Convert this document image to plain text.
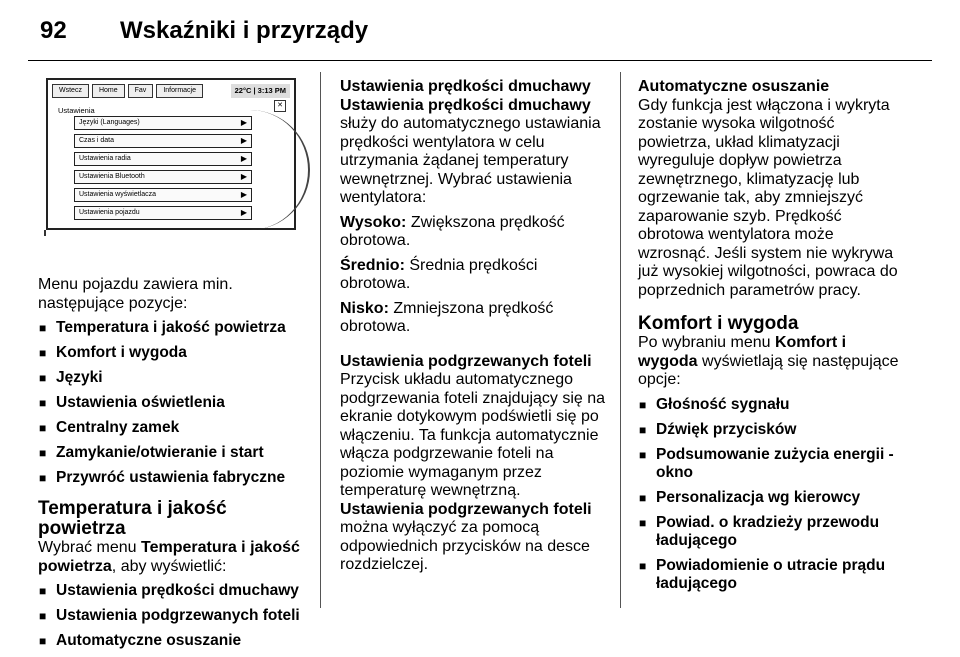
92 Wskaźniki i przyrządy
Wstecz	Home	Fav	Informacje	22°C | 3:13 PM
Ustawienia
✕
Języki (Languages)	▶
Czas i data	▶
Ustawienia radia	▶
Ustawienia Bluetooth	▶
Ustawienia wyświetlacza	▶
Ustawienia pojazdu	▶

Menu pojazdu zawiera min. następujące pozycje:

■ Temperatura i jakość powietrza
■ Komfort i wygoda
■ Języki
■ Ustawienia oświetlenia
■ Centralny zamek
■ Zamykanie/otwieranie i start
■ Przywróć ustawienia fabryczne
Temperatura i jakość powietrza

Wybrać menu Temperatura i jakość powietrza, aby wyświetlić:

■ Ustawienia prędkości dmuchawy
■ Ustawienia podgrzewanych foteli
■ Automatyczne osuszanie
Ustawienia prędkości dmuchawy

Ustawienia prędkości dmuchawy służy do automatycznego ustawiania prędkości wentylatora w celu utrzymania żądanej temperatury wewnętrznej. Wybrać ustawienia wentylatora:

Wysoko: Zwiększona prędkość obrotowa.

Średnio: Średnia prędkości obrotowa.

Nisko: Zmniejszona prędkość obrotowa.

Ustawienia podgrzewanych foteli

Przycisk układu automatycznego podgrzewania foteli znajdujący się na ekranie dotykowym podświetli się po włączeniu. Ta funkcja automatycznie włącza podgrzewanie foteli na poziomie wymaganym przez temperaturę wewnętrzną. Ustawienia podgrzewanych foteli można wyłączyć za pomocą odpowiednich przycisków na desce rozdzielczej.

Automatyczne osuszanie

Gdy funkcja jest włączona i wykryta zostanie wysoka wilgotność powietrza, układ klimatyzacji wyreguluje dopływ powietrza zewnętrznego, klimatyzację lub ogrzewanie tak, aby zmniejszyć zaparowanie szyb. Prędkość obrotowa wentylatora może wzrosnąć. Jeśli system nie wykrywa już wysokiej wilgotności, powraca do poprzednich parametrów pracy.

Komfort i wygoda

Po wybraniu menu Komfort i wygoda wyświetlają się następujące opcje:

■ Głośność sygnału
■ Dźwięk przycisków
■ Podsumowanie zużycia energii - okno
■ Personalizacja wg kierowcy
■ Powiad. o kradzieży przewodu ładującego
■ Powiadomienie o utracie prądu ładującego
